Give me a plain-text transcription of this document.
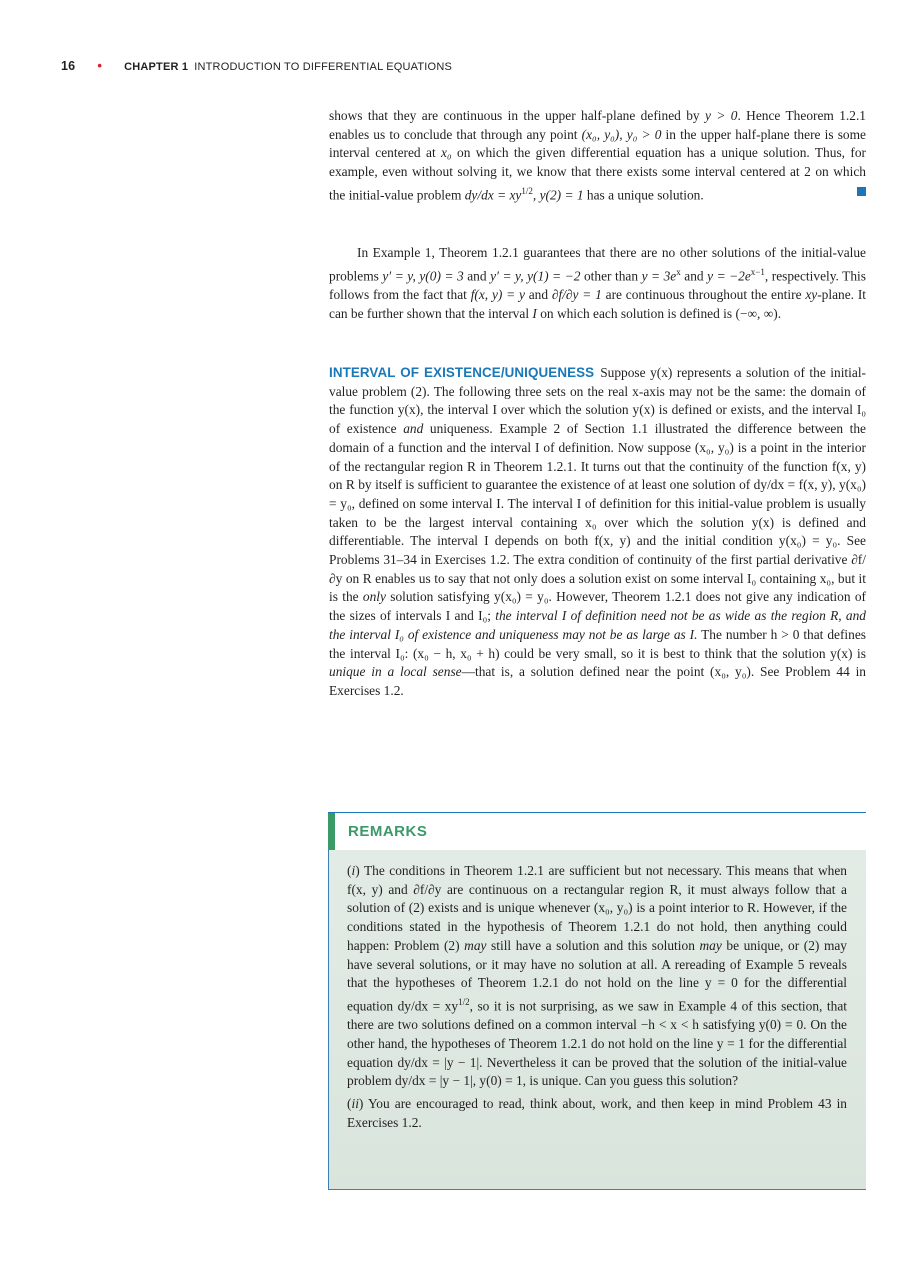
16 • CHAPTER 1 INTRODUCTION TO DIFFERENTIAL EQUATIONS

shows that they are continuous in the upper half-plane defined by y > 0. Hence Theorem 1.2.1 enables us to conclude that through any point (x₀, y₀), y₀ > 0 in the upper half-plane there is some interval centered at x₀ on which the given differential equation has a unique solution. Thus, for example, even without solving it, we know that there exists some interval centered at 2 on which the initial-value problem $dy/dx = xy^{1/2}$, y(2) = 1 has a unique solution.

In Example 1, Theorem 1.2.1 guarantees that there are no other solutions of the initial-value problems y′ = y, y(0) = 3 and y′ = y, y(1) = −2 other than $y = 3e^x$ and $y = -2e^{x-1}$, respectively. This follows from the fact that f(x, y) = y and ∂f/∂y = 1 are continuous throughout the entire xy-plane. It can be further shown that the interval I on which each solution is defined is (−∞, ∞).

INTERVAL OF EXISTENCE/UNIQUENESS Suppose y(x) represents a solution of the initial-value problem (2). The following three sets on the real x-axis may not be the same: the domain of the function y(x), the interval I over which the solution y(x) is defined or exists, and the interval I₀ of existence and uniqueness. Example 2 of Section 1.1 illustrated the difference between the domain of a function and the interval I of definition. Now suppose (x₀, y₀) is a point in the interior of the rectangular region R in Theorem 1.2.1. It turns out that the continuity of the function f(x, y) on R by itself is sufficient to guarantee the existence of at least one solution of dy/dx = f(x, y), y(x₀) = y₀, defined on some interval I. The interval I of definition for this initial-value problem is usually taken to be the largest interval containing x₀ over which the solution y(x) is defined and differentiable. The interval I depends on both f(x, y) and the initial condition y(x₀) = y₀. See Problems 31–34 in Exercises 1.2. The extra condition of continuity of the first partial derivative ∂f/∂y on R enables us to say that not only does a solution exist on some interval I₀ containing x₀, but it is the only solution satisfying y(x₀) = y₀. However, Theorem 1.2.1 does not give any indication of the sizes of intervals I and I₀; the interval I of definition need not be as wide as the region R, and the interval I₀ of existence and uniqueness may not be as large as I. The number h > 0 that defines the interval I₀: (x₀ − h, x₀ + h) could be very small, so it is best to think that the solution y(x) is unique in a local sense—that is, a solution defined near the point (x₀, y₀). See Problem 44 in Exercises 1.2.

REMARKS

(i) The conditions in Theorem 1.2.1 are sufficient but not necessary. This means that when f(x, y) and ∂f/∂y are continuous on a rectangular region R, it must always follow that a solution of (2) exists and is unique whenever (x₀, y₀) is a point interior to R. However, if the conditions stated in the hypothesis of Theorem 1.2.1 do not hold, then anything could happen: Problem (2) may still have a solution and this solution may be unique, or (2) may have several solutions, or it may have no solution at all. A rereading of Example 5 reveals that the hypotheses of Theorem 1.2.1 do not hold on the line y = 0 for the differential equation $dy/dx = xy^{1/2}$, so it is not surprising, as we saw in Example 4 of this section, that there are two solutions defined on a common interval −h < x < h satisfying y(0) = 0. On the other hand, the hypotheses of Theorem 1.2.1 do not hold on the line y = 1 for the differential equation dy/dx = |y − 1|. Nevertheless it can be proved that the solution of the initial-value problem dy/dx = |y − 1|, y(0) = 1, is unique. Can you guess this solution?

(ii) You are encouraged to read, think about, work, and then keep in mind Problem 43 in Exercises 1.2.
